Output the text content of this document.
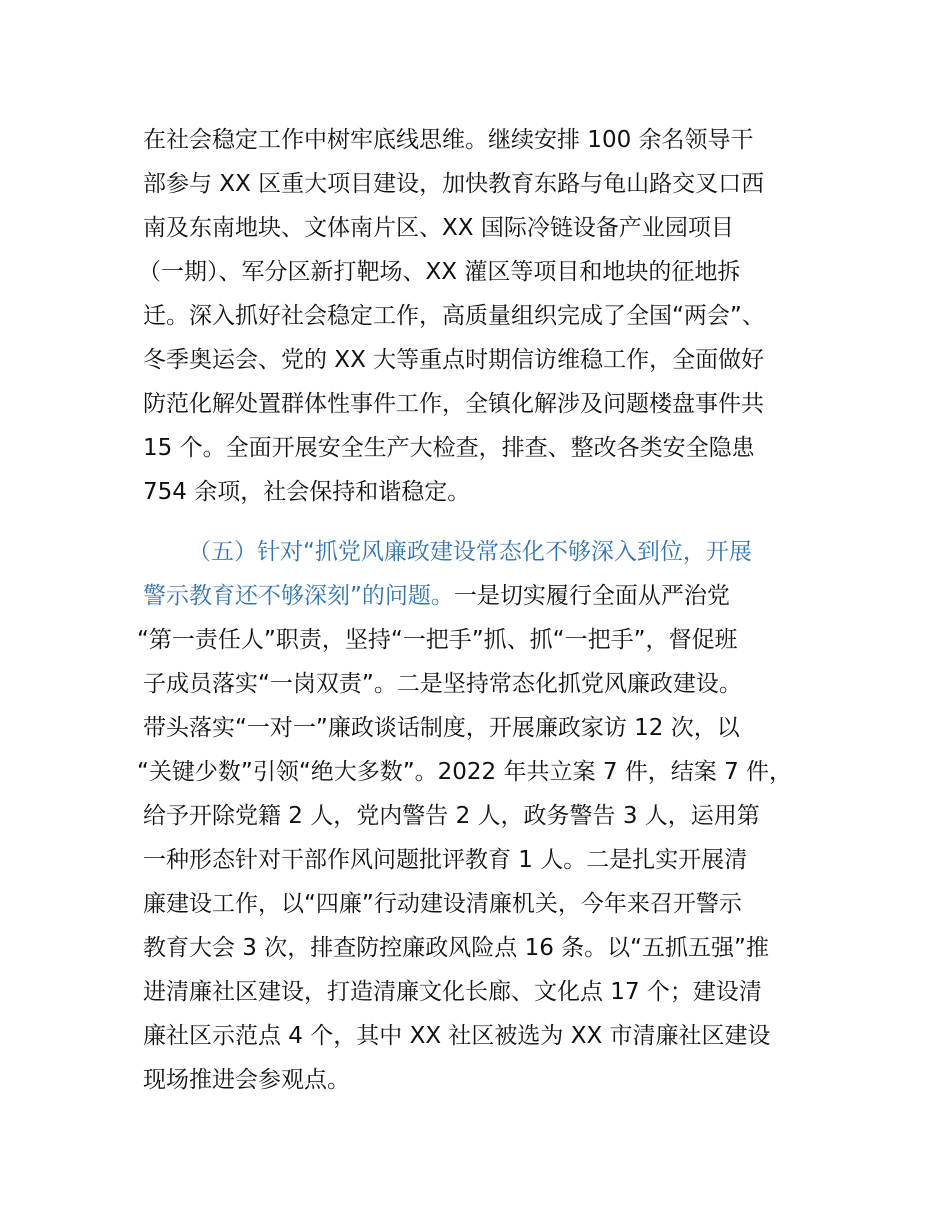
在社会稳定工作中树牢底线思维。继续安排 100 余名领导干
部参与 XX 区重大项目建设，加快教育东路与龟山路交叉口西
南及东南地块、文体南片区、XX 国际冷链设备产业园项目
（一期）、军分区新打靶场、XX 灌区等项目和地块的征地拆
迁。深入抓好社会稳定工作，高质量组织完成了全国“两会”、
冬季奥运会、党的 XX 大等重点时期信访维稳工作，全面做好
防范化解处置群体性事件工作，全镇化解涉及问题楼盘事件共
15 个。全面开展安全生产大检查，排查、整改各类安全隐患
754 余项，社会保持和谐稳定。
（五）针对“抓党风廉政建设常态化不够深入到位，开展
警示教育还不够深刻”的问题。一是切实履行全面从严治党
“第一责任人”职责，坚持“一把手”抓、抓“一把手”，督促班
子成员落实“一岗双责”。二是坚持常态化抓党风廉政建设。
带头落实“一对一”廉政谈话制度，开展廉政家访 12 次，以
“关键少数”引领“绝大多数”。2022 年共立案 7 件，结案 7 件，
给予开除党籍 2 人，党内警告 2 人，政务警告 3 人，运用第
一种形态针对干部作风问题批评教育 1 人。二是扎实开展清
廉建设工作，以“四廉”行动建设清廉机关，今年来召开警示
教育大会 3 次，排查防控廉政风险点 16 条。以“五抓五强”推
进清廉社区建设，打造清廉文化长廊、文化点 17 个；建设清
廉社区示范点 4 个，其中 XX 社区被选为 XX 市清廉社区建设
现场推进会参观点。
